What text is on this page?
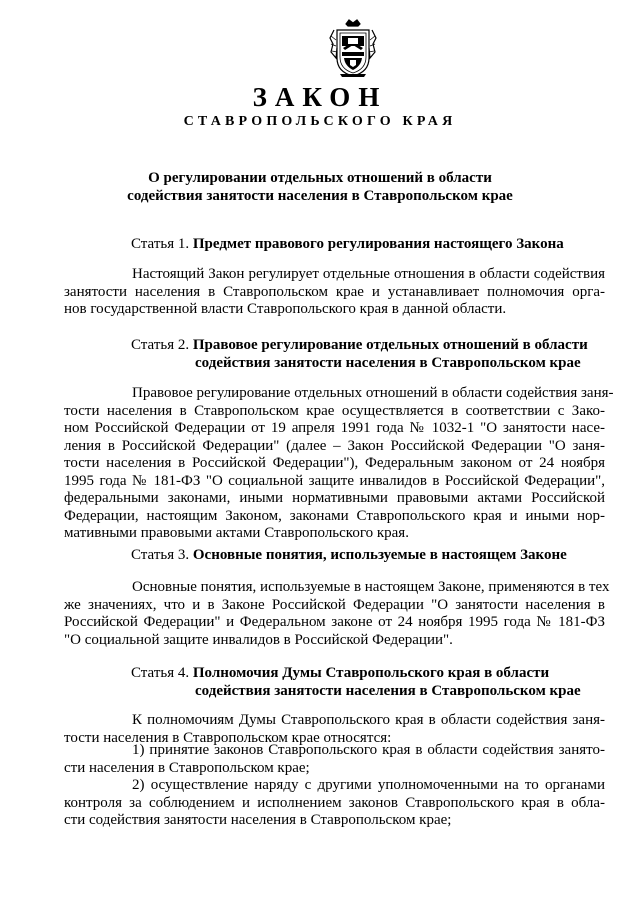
ЗАКОН
СТАВРОПОЛЬСКОГО КРАЯ
О регулировании отдельных отношений в области
содействия занятости населения в Ставропольском крае
Статья 1. Предмет правового регулирования настоящего Закона
Настоящий Закон регулирует отдельные отношения в области содействия
занятости населения в Ставропольском крае и устанавливает полномочия орга-
нов государственной власти Ставропольского края в данной области.
Статья 2. Правовое регулирование отдельных отношений в области
содействия занятости населения в Ставропольском крае
Правовое регулирование отдельных отношений в области содействия заня-
тости населения в Ставропольском крае осуществляется в соответствии с Зако-
ном Российской Федерации от 19 апреля 1991 года № 1032-1 "О занятости насе-
ления в Российской Федерации" (далее – Закон Российской Федерации "О заня-
тости населения в Российской Федерации"), Федеральным законом от 24 ноября
1995 года № 181-ФЗ "О социальной защите инвалидов в Российской Федерации",
федеральными законами, иными нормативными правовыми актами Российской
Федерации, настоящим Законом, законами Ставропольского края и иными нор-
мативными правовыми актами Ставропольского края.
Статья 3. Основные понятия, используемые в настоящем Законе
Основные понятия, используемые в настоящем Законе, применяются в тех
же значениях, что и в Законе Российской Федерации "О занятости населения в
Российской Федерации" и Федеральном законе от 24 ноября 1995 года № 181-ФЗ
"О социальной защите инвалидов в Российской Федерации".
Статья 4. Полномочия Думы Ставропольского края в области
содействия занятости населения в Ставропольском крае
К полномочиям Думы Ставропольского края в области содействия заня-
тости населения в Ставропольском крае относятся:
1) принятие законов Ставропольского края в области содействия занято-
сти населения в Ставропольском крае;
2) осуществление наряду с другими уполномоченными на то органами
контроля за соблюдением и исполнением законов Ставропольского края в обла-
сти содействия занятости населения в Ставропольском крае;
